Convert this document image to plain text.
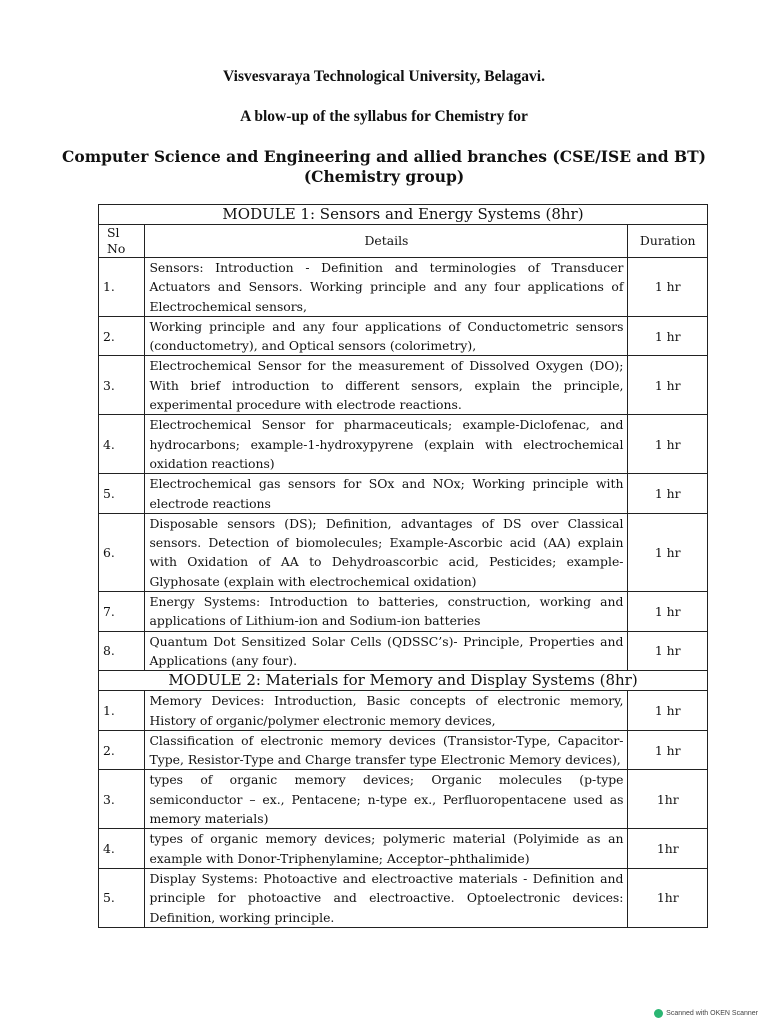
Visvesvaraya Technological University, Belagavi.
A blow-up of the syllabus for Chemistry for
Computer Science and Engineering and allied branches (CSE/ISE and BT)
(Chemistry group)
MODULE 1: Sensors and Energy Systems (8hr)		
Sl No	Details	Duration
1.	Sensors: Introduction - Definition and terminologies of Transducer Actuators and Sensors. Working principle and any four applications of Electrochemical sensors,	1 hr
2.	Working principle and any four applications of Conductometric sensors (conductometry), and Optical sensors (colorimetry),	1 hr
3.	Electrochemical Sensor for the measurement of Dissolved Oxygen (DO); With brief introduction to different sensors, explain the principle, experimental procedure with electrode reactions.	1 hr
4.	Electrochemical Sensor for pharmaceuticals; example-Diclofenac, and hydrocarbons; example-1-hydroxypyrene (explain with electrochemical oxidation reactions)	1 hr
5.	Electrochemical gas sensors for SOx and NOx; Working principle with electrode reactions	1 hr
6.	Disposable sensors (DS); Definition, advantages of DS over Classical sensors. Detection of biomolecules; Example-Ascorbic acid (AA) explain with Oxidation of AA to Dehydroascorbic acid, Pesticides; example-Glyphosate (explain with electrochemical oxidation)	1 hr
7.	Energy Systems: Introduction to batteries, construction, working and applications of Lithium-ion and Sodium-ion batteries	1 hr
8.	Quantum Dot Sensitized Solar Cells (QDSSC’s)- Principle, Properties and Applications (any four).	1 hr
MODULE 2: Materials for Memory and Display Systems (8hr)		
1.	Memory Devices: Introduction, Basic concepts of electronic memory, History of organic/polymer electronic memory devices,	1 hr
2.	Classification of electronic memory devices (Transistor-Type, Capacitor-Type, Resistor-Type and Charge transfer type Electronic Memory devices),	1 hr
3.	types of organic memory devices; Organic molecules (p-type semiconductor – ex., Pentacene; n-type ex., Perfluoropentacene used as memory materials)	1hr
4.	types of organic memory devices; polymeric material (Polyimide as an example with Donor-Triphenylamine; Acceptor–phthalimide)	1hr
5.	Display Systems: Photoactive and electroactive materials - Definition and principle for photoactive and electroactive. Optoelectronic devices: Definition, working principle.	1hr
Scanned with OKEN Scanner
